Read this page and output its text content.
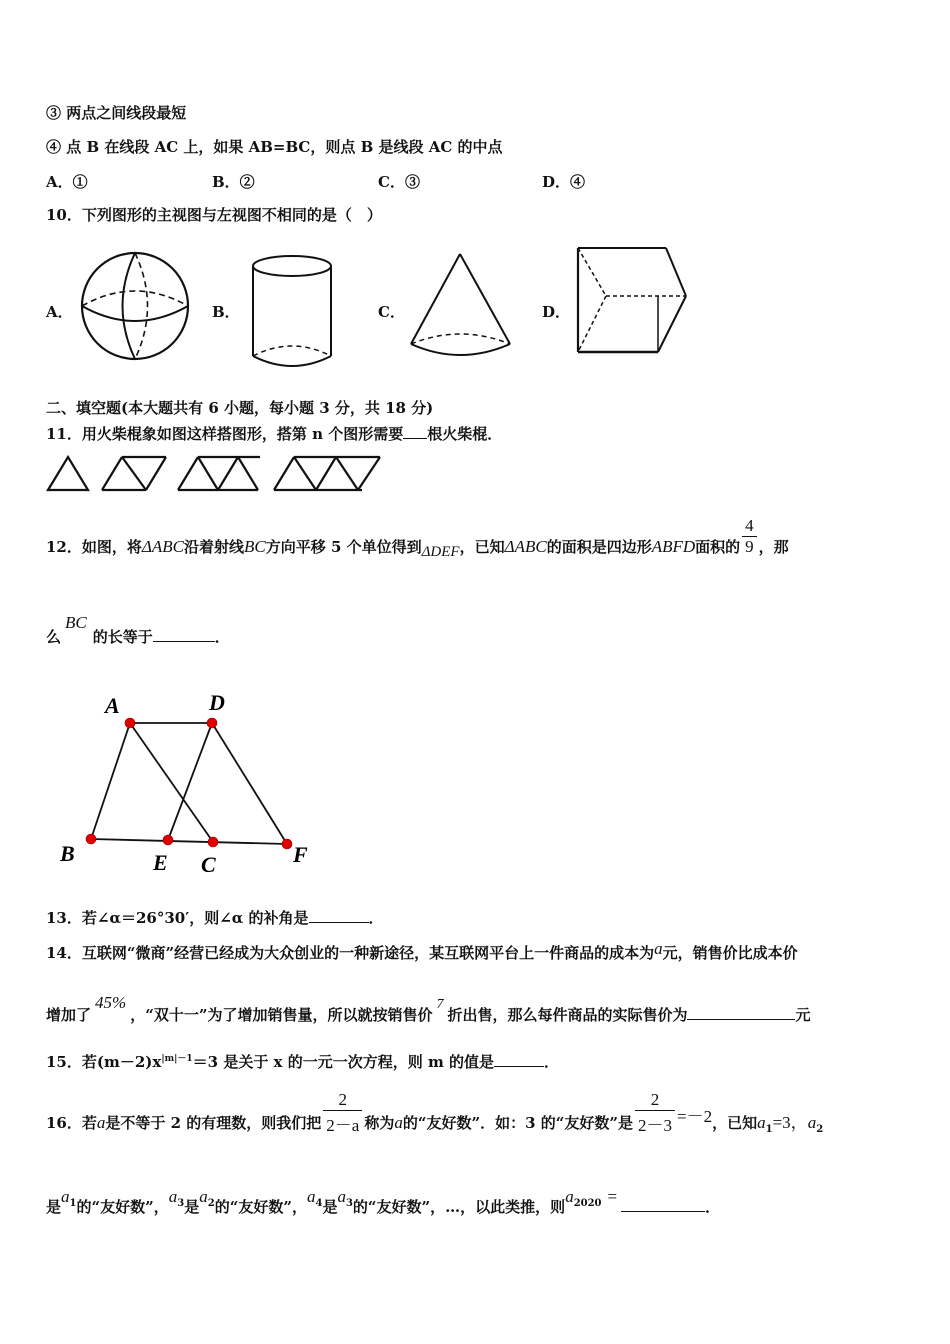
③ 两点之间线段最短
④ 点 B 在线段 AC 上，如果 AB=BC，则点 B 是线段 AC 的中点
A．①	B．②	C．③	D．④
10．下列图形的主视图与左视图不相同的是（　）
A．	B．	C．	D．
二、填空题(本大题共有 6 小题，每小题 3 分，共 18 分)
11．用火柴棍象如图这样搭图形，搭第 n 个图形需要 根火柴棍．
12．如图，将ΔABC沿着射线BC方向平移 5 个单位得到ΔDEF，已知ΔABC的面积是四边形ABFD面积的 $\frac{4}{9}$ ，那
么BC的长等于	．
A	D
B	E C	F
13．若∠α＝26°30′，则∠α 的补角是	．
14．互联网“微商”经营已经成为大众创业的一种新途径，某互联网平台上一件商品的成本为a元，销售价比成本价
增加了45%，“双十一”为了增加销售量，所以就按销售价7折出售，那么每件商品的实际售价为	元
15．若$(m-2)x^{|m|-1}=3$ 是关于 x 的一元一次方程，则 m 的值是	．
16．若a是不等于 2 的有理数，则我们把 $\frac{2}{2-a}$ 称为a的“友好数”．如：3 的“友好数”是 $\frac{2}{2-3} =-2$，已知$a_1=3$，$a_2$
是$a_1$的“友好数”，$a_3$是$a_2$的“友好数”，$a_4$是$a_3$的“友好数”，…，以此类推，则$a_{2020}$ =．
